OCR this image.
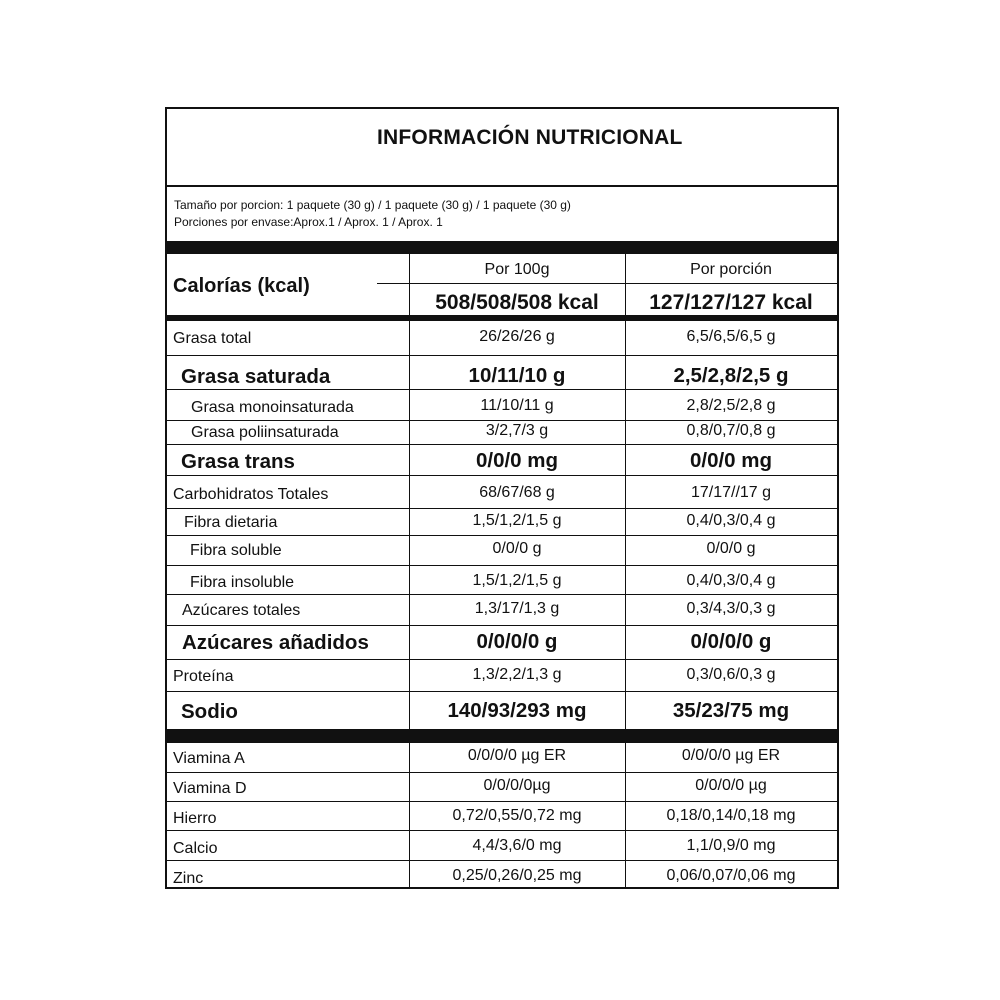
INFORMACIÓN NUTRICIONAL
Tamaño por porcion: 1 paquete (30 g) / 1 paquete (30 g) / 1 paquete (30 g)
Porciones por envase:Aprox.1 / Aprox. 1 / Aprox. 1
Calorías (kcal)
Por 100g	Por porción
508/508/508 kcal	127/127/127 kcal
Grasa total	26/26/26 g	6,5/6,5/6,5 g
Grasa saturada	10/11/10 g	2,5/2,8/2,5 g
Grasa monoinsaturada	11/10/11 g	2,8/2,5/2,8 g
Grasa poliinsaturada	3/2,7/3 g	0,8/0,7/0,8 g
Grasa trans	0/0/0 mg	0/0/0 mg
Carbohidratos Totales	68/67/68 g	17/17//17 g
Fibra dietaria	1,5/1,2/1,5 g	0,4/0,3/0,4 g
Fibra soluble	0/0/0 g	0/0/0 g
Fibra insoluble	1,5/1,2/1,5 g	0,4/0,3/0,4 g
Azúcares totales	1,3/17/1,3 g	0,3/4,3/0,3 g
Azúcares añadidos	0/0/0/0 g	0/0/0/0 g
Proteína	1,3/2,2/1,3 g	0,3/0,6/0,3 g
Sodio	140/93/293 mg	35/23/75 mg
Viamina A	0/0/0/0 µg ER	0/0/0/0 µg ER
Viamina D	0/0/0/0µg	0/0/0/0 µg
Hierro	0,72/0,55/0,72 mg	0,18/0,14/0,18 mg
Calcio	4,4/3,6/0 mg	1,1/0,9/0 mg
Zinc	0,25/0,26/0,25 mg	0,06/0,07/0,06 mg
